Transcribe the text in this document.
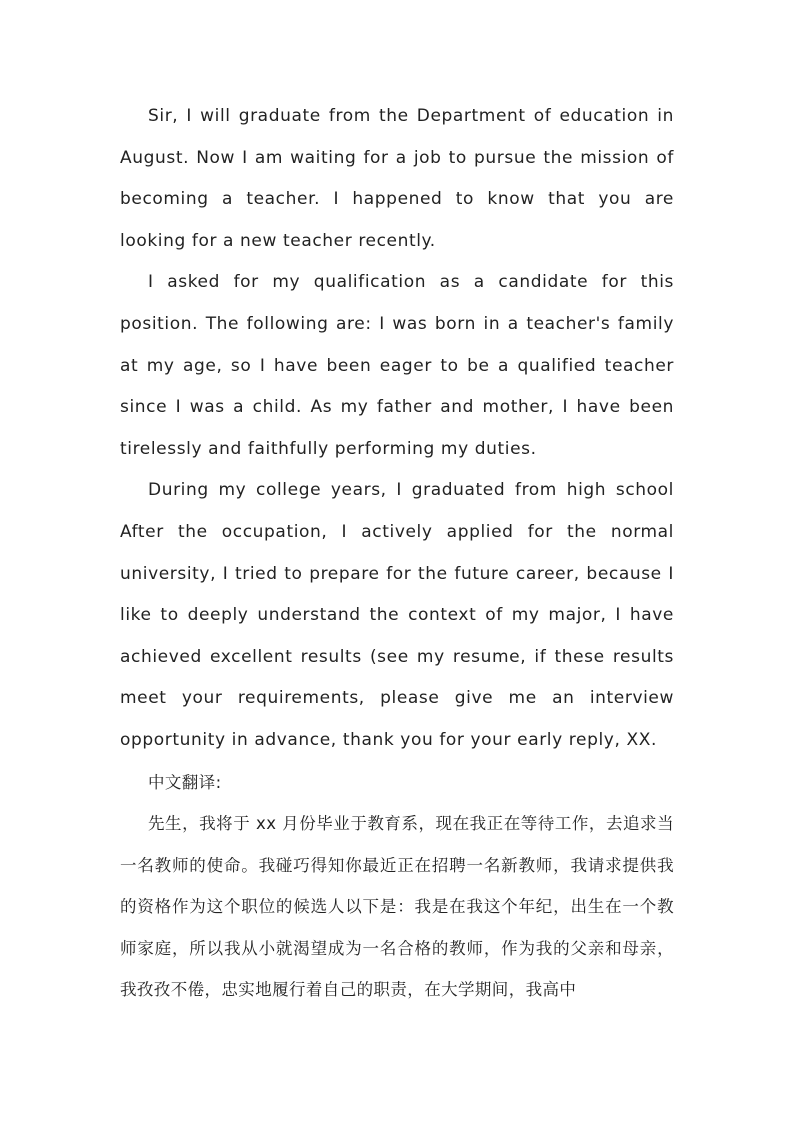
Sir, I will graduate from the Department of education in August. Now I am waiting for a job to pursue the mission of becoming a teacher. I happened to know that you are looking for a new teacher recently.

I asked for my qualification as a candidate for this position. The following are: I was born in a teacher's family at my age, so I have been eager to be a qualified teacher since I was a child. As my father and mother, I have been tirelessly and faithfully performing my duties.

During my college years, I graduated from high school After the occupation, I actively applied for the normal university, I tried to prepare for the future career, because I like to deeply understand the context of my major, I have achieved excellent results (see my resume, if these results meet your requirements, please give me an interview opportunity in advance, thank you for your early reply, XX.

中文翻译:

先生，我将于 xx 月份毕业于教育系，现在我正在等待工作，去追求当一名教师的使命。我碰巧得知你最近正在招聘一名新教师，我请求提供我的资格作为这个职位的候选人以下是：我是在我这个年纪，出生在一个教师家庭，所以我从小就渴望成为一名合格的教师，作为我的父亲和母亲，我孜孜不倦，忠实地履行着自己的职责，在大学期间，我高中
